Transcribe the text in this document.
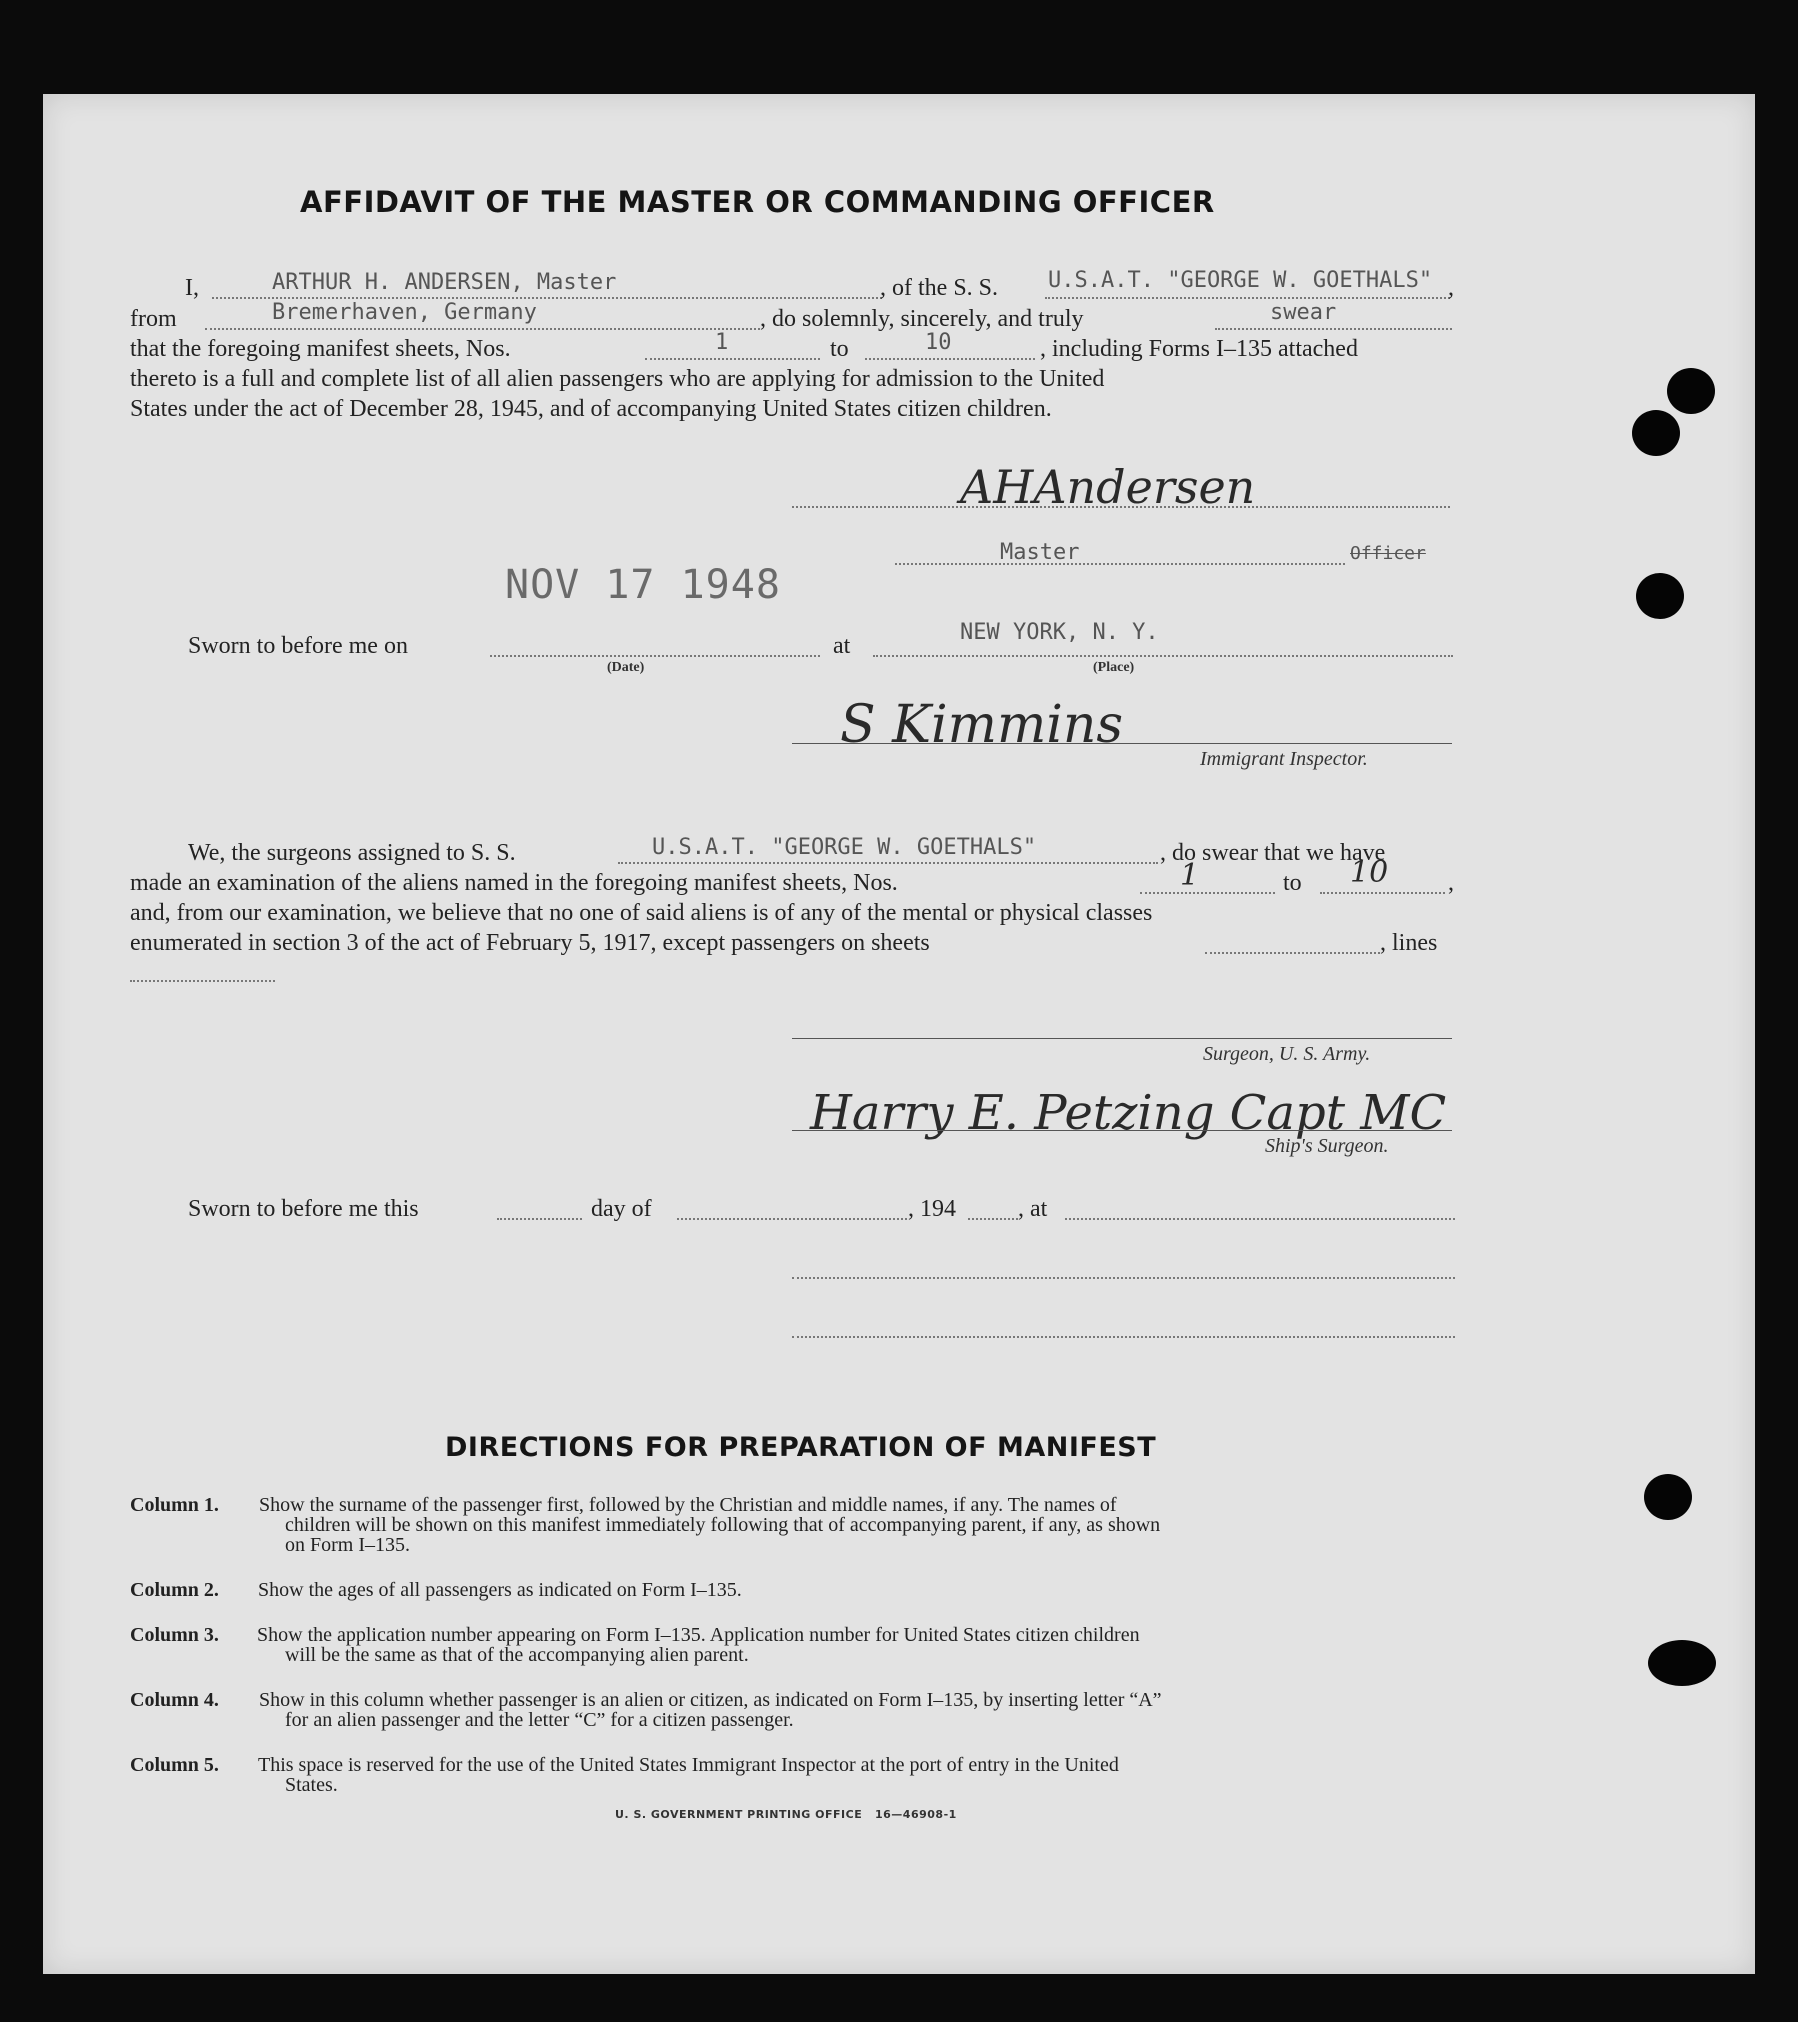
AFFIDAVIT OF THE MASTER OR COMMANDING OFFICER
I,	ARTHUR H. ANDERSEN, Master	, of the S. S. U.S.A.T. "GEORGE W. GOETHALS" ,
from	Bremerhaven, Germany	, do solemnly, sincerely, and truly	swear
that the foregoing manifest sheets, Nos.	1	to	10	, including Forms I–135 attached
thereto is a full and complete list of all alien passengers who are applying for admission to the United
States under the act of December 28, 1945, and of accompanying United States citizen children.
AHAndersen
Master	Officer
NOV 17 1948
Sworn to before me on
(Date)
at
NEW YORK, N. Y.
(Place)
S Kimmins
Immigrant Inspector.
We, the surgeons assigned to S. S.	U.S.A.T. "GEORGE W. GOETHALS"	, do swear that we have
made an examination of the aliens named in the foregoing manifest sheets, Nos.	1	to 10 ,
and, from our examination, we believe that no one of said aliens is of any of the mental or physical classes
enumerated in section 3 of the act of February 5, 1917, except passengers on sheets	, lines
Surgeon, U. S. Army.
Harry E. Petzing Capt MC
Ship's Surgeon.
Sworn to before me this	day of	, 194	, at
DIRECTIONS FOR PREPARATION OF MANIFEST
Column 1. Show the surname of the passenger first, followed by the Christian and middle names, if any. The names of
children will be shown on this manifest immediately following that of accompanying parent, if any, as shown
on Form I–135.
Column 2. Show the ages of all passengers as indicated on Form I–135.
Column 3. Show the application number appearing on Form I–135. Application number for United States citizen children
will be the same as that of the accompanying alien parent.
Column 4. Show in this column whether passenger is an alien or citizen, as indicated on Form I–135, by inserting letter “A”
for an alien passenger and the letter “C” for a citizen passenger.
Column 5. This space is reserved for the use of the United States Immigrant Inspector at the port of entry in the United
States.
U. S. GOVERNMENT PRINTING OFFICE 16—46908-1
